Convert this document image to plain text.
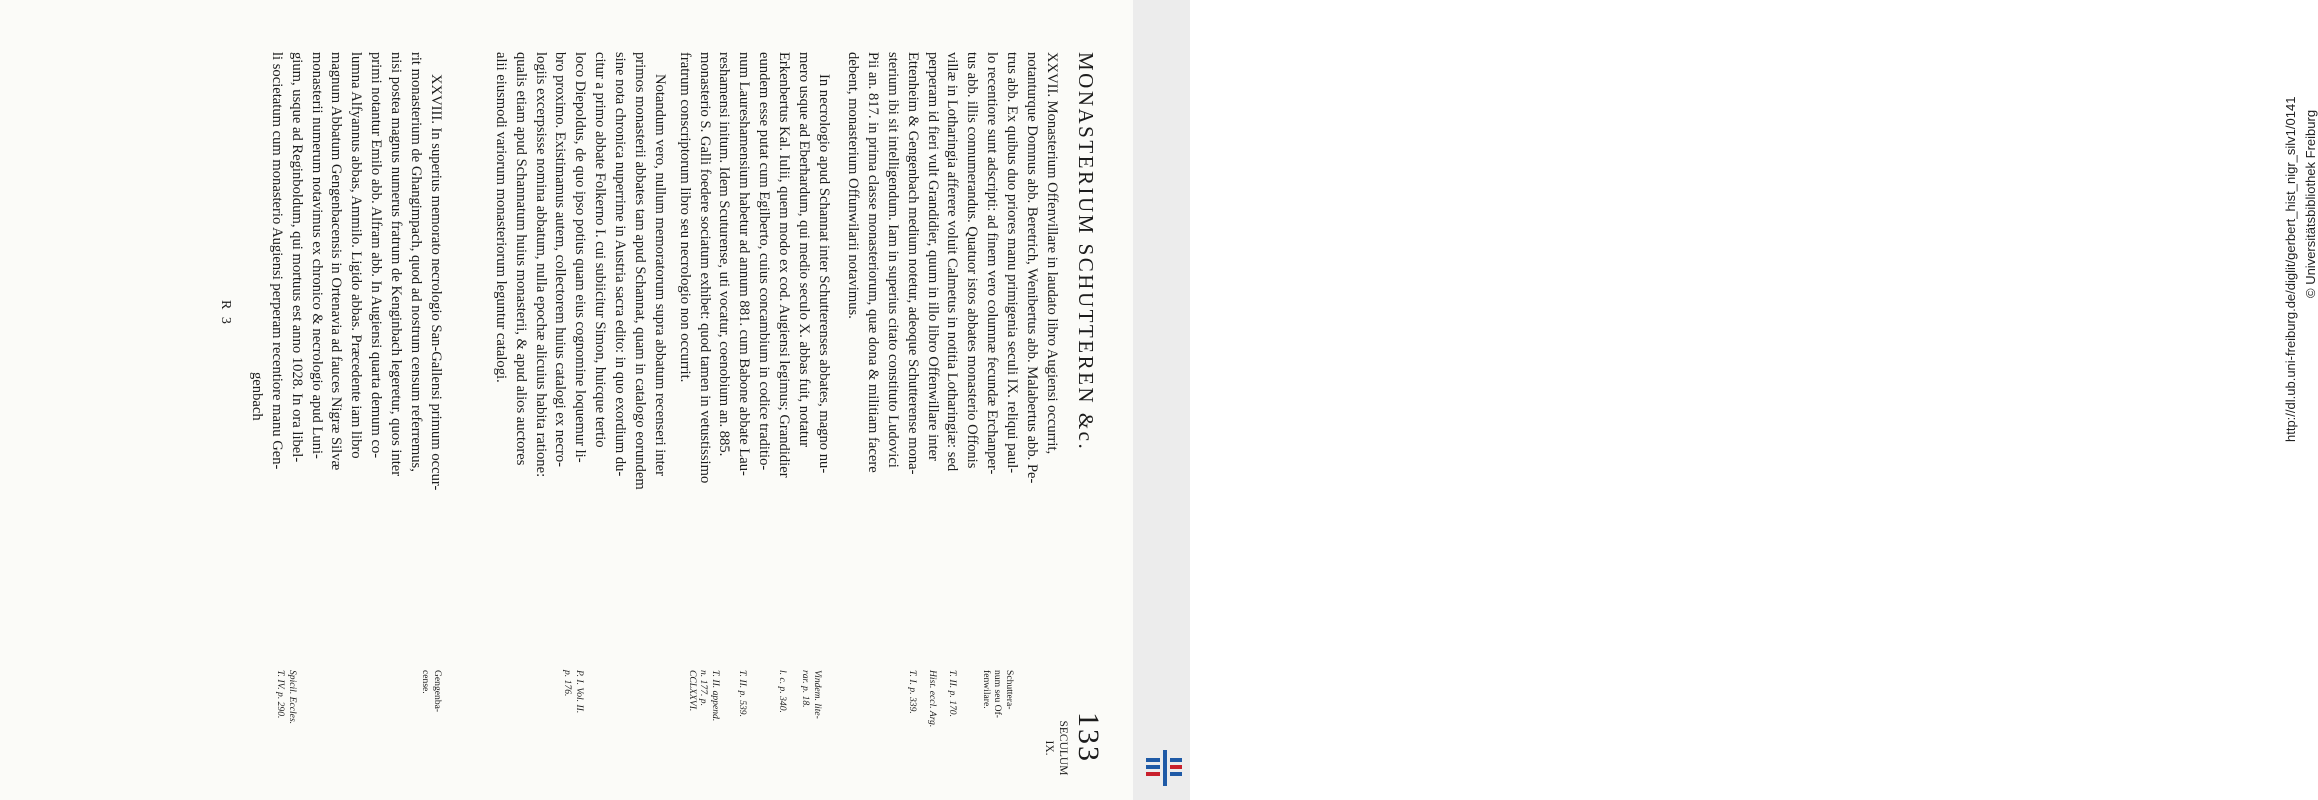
MONASTERIUM SCHUTTEREN &c.
133
SECULUM
IX.
XXVII. Monasterium Offenvillare in laudato libro Augiensi occurrit,
notanturque Domnus abb. Beretrich, Wenibertus abb. Malabertus abb. Pe-
trus abb. Ex quibus duo priores manu primigenia seculi IX. reliqui paul-
lo recentiore sunt adscripti: ad finem vero columnæ fecundæ Erchanper-
tus abb. illis connumerandus. Quatuor istos abbates monasterio Offonis
villæ in Lotharingia afferere voluit Calmetus in notitia Lotharingiæ: sed
perperam id fieri vult Grandidier, quum in illo libro Offenwillare inter
Ettenheim & Gengenbach medium notetur, adeoque Schutterense mona-
sterium ibi sit intelligendum. Iam in superius citato constituto Ludovici
Pii an. 817. in prima classe monasteriorum, quæ dona & militiam facere
debent, monasterium Offunwilarii notavimus.
In necrologio apud Schannat inter Schutterenses abbates, magno nu-
mero usque ad Eberhardum, qui medio seculo X. abbas fuit, notatur
Erkenbertus Kal. Iulii, quem modo ex cod. Augiensi legimus; Grandidier
eundem esse putat cum Egilberto, cuius concambium in codice traditio-
num Laureshamensium habetur ad annum 881. cum Babone abbate Lau-
reshamensi initum. Idem Scuturense, uti vocatur, coenobium an. 885.
monasterio S. Galli foedere sociatum exhibet: quod tamen in vetustissimo
fratrum conscriptorum libro seu necrologio non occurrit.
Notandum vero, nullum memoratorum supra abbatum recenseri inter
primos monasterii abbates tam apud Schannat, quam in catalogo eorundem
sine nota chronica nuperrime in Austria sacra edito: in quo exordium du-
citur a primo abbate Folkerno I. cui subiicitur Simon, huicque tertio
loco Diepoldus, de quo ipso potius quam eius cognomine loquemur li-
bro proximo. Existimamus autem, collectorem huius catalogi ex necro-
logiis excerpsisse nomina abbatum, nulla epochæ alicuius habita ratione:
qualis etiam apud Schannatum huius monasterii, & apud alios auctores
alii eiusmodi variorum monasteriorum leguntur catalogi.
XXVIII. In superius memorato necrologio San-Gallensi primum occur-
rit monasterium de Ghangimpach, quod ad nostrum censum referremus,
nisi postea magnus numerus fratrum de Kenginbach legeretur, quos inter
primi notantur Emilo abb. Alfram abb. In Augiensi quarta demum co-
lumna Alfyannus abbas, Ammilo. Ligido abbas. Præcedente iam libro
magnum Abbatum Gengenbacensis in Ortenavia ad fauces Nigræ Silvæ
monasterii numerum notavimus ex chronico & necrologio apud Luni-
gium, usque ad Reginboldum, qui mortuus est anno 1028. In ora libel-
li societatum cum monasterio Augiensi perperam recentiore manu Gen-
genbach
R 3
Schuttera-
num seu Of-
fenwilare.
T. II. p. 170.
Hist. eccl. Arg.
T. I. p. 339.
Vindem. lite-
rar. p. 18.
l. c. p. 340.
T. II. p. 539.
T. II. append.
n. 177. p.
CCLXXVI.
P. I. Vol. II.
p. 176.
Gengenba-
cense.
Spicil. Eccles.
T. IV. p. 290.
http://dl.ub.uni-freiburg.de/diglit/gerbert_hist_nigr_silv1/0141 © Universitätsbibliothek Freiburg
